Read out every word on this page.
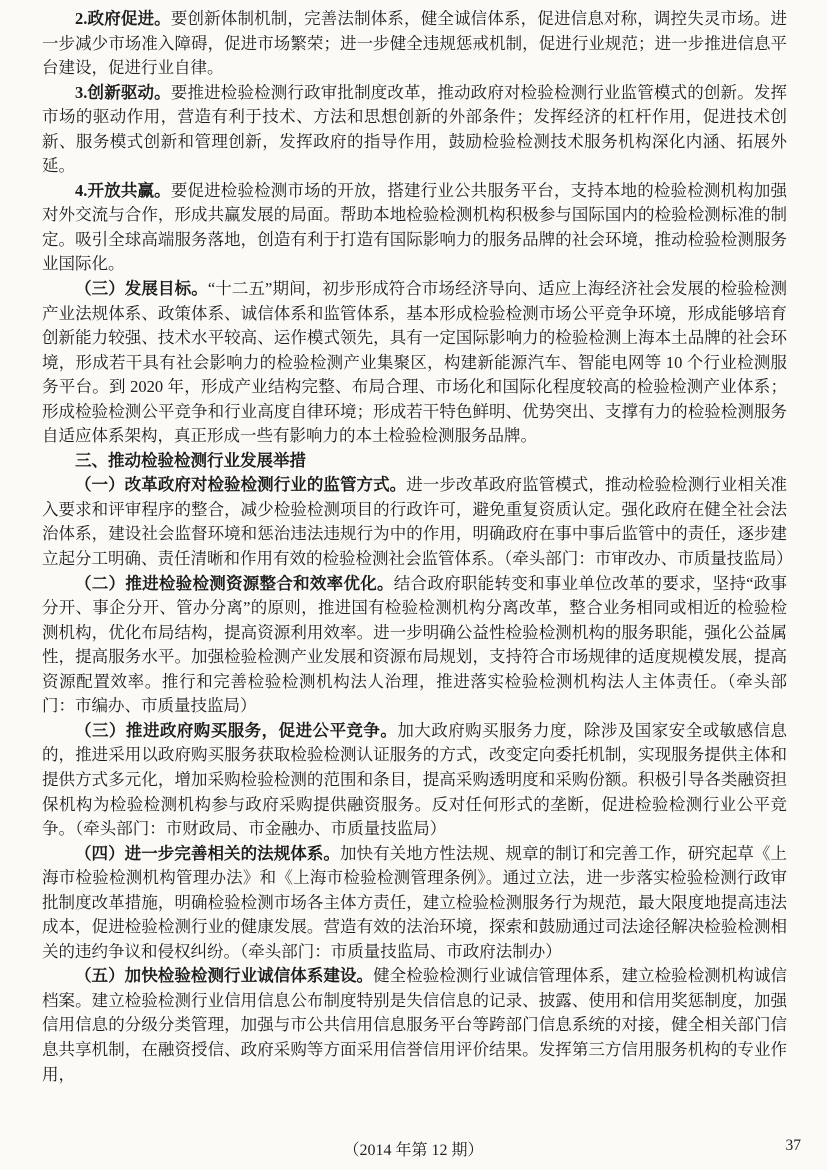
2.政府促进。要创新体制机制，完善法制体系，健全诚信体系，促进信息对称，调控失灵市场。进一步减少市场准入障碍，促进市场繁荣；进一步健全违规惩戒机制，促进行业规范；进一步推进信息平台建设，促进行业自律。

3.创新驱动。要推进检验检测行政审批制度改革，推动政府对检验检测行业监管模式的创新。发挥市场的驱动作用，营造有利于技术、方法和思想创新的外部条件；发挥经济的杠杆作用，促进技术创新、服务模式创新和管理创新，发挥政府的指导作用，鼓励检验检测技术服务机构深化内涵、拓展外延。

4.开放共赢。要促进检验检测市场的开放，搭建行业公共服务平台，支持本地的检验检测机构加强对外交流与合作，形成共赢发展的局面。帮助本地检验检测机构积极参与国际国内的检验检测标准的制定。吸引全球高端服务落地，创造有利于打造有国际影响力的服务品牌的社会环境，推动检验检测服务业国际化。

（三）发展目标。“十二五”期间，初步形成符合市场经济导向、适应上海经济社会发展的检验检测产业法规体系、政策体系、诚信体系和监管体系，基本形成检验检测市场公平竞争环境，形成能够培育创新能力较强、技术水平较高、运作模式领先，具有一定国际影响力的检验检测上海本土品牌的社会环境，形成若干具有社会影响力的检验检测产业集聚区，构建新能源汽车、智能电网等 10 个行业检测服务平台。到 2020 年，形成产业结构完整、布局合理、市场化和国际化程度较高的检验检测产业体系；形成检验检测公平竞争和行业高度自律环境；形成若干特色鲜明、优势突出、支撑有力的检验检测服务自适应体系架构，真正形成一些有影响力的本土检验检测服务品牌。

三、推动检验检测行业发展举措

（一）改革政府对检验检测行业的监管方式。进一步改革政府监管模式，推动检验检测行业相关准入要求和评审程序的整合，减少检验检测项目的行政许可，避免重复资质认定。强化政府在健全社会法治体系，建设社会监督环境和惩治违法违规行为中的作用，明确政府在事中事后监管中的责任，逐步建立起分工明确、责任清晰和作用有效的检验检测社会监管体系。（牵头部门：市审改办、市质量技监局）

（二）推进检验检测资源整合和效率优化。结合政府职能转变和事业单位改革的要求，坚持“政事分开、事企分开、管办分离”的原则，推进国有检验检测机构分离改革，整合业务相同或相近的检验检测机构，优化布局结构，提高资源利用效率。进一步明确公益性检验检测机构的服务职能，强化公益属性，提高服务水平。加强检验检测产业发展和资源布局规划，支持符合市场规律的适度规模发展，提高资源配置效率。推行和完善检验检测机构法人治理，推进落实检验检测机构法人主体责任。（牵头部门：市编办、市质量技监局）

（三）推进政府购买服务，促进公平竞争。加大政府购买服务力度，除涉及国家安全或敏感信息的，推进采用以政府购买服务获取检验检测认证服务的方式，改变定向委托机制，实现服务提供主体和提供方式多元化，增加采购检验检测的范围和条目，提高采购透明度和采购份额。积极引导各类融资担保机构为检验检测机构参与政府采购提供融资服务。反对任何形式的垄断，促进检验检测行业公平竞争。（牵头部门：市财政局、市金融办、市质量技监局）

（四）进一步完善相关的法规体系。加快有关地方性法规、规章的制订和完善工作，研究起草《上海市检验检测机构管理办法》和《上海市检验检测管理条例》。通过立法，进一步落实检验检测行政审批制度改革措施，明确检验检测市场各主体方责任，建立检验检测服务行为规范，最大限度地提高违法成本，促进检验检测行业的健康发展。营造有效的法治环境，探索和鼓励通过司法途径解决检验检测相关的违约争议和侵权纠纷。（牵头部门：市质量技监局、市政府法制办）

（五）加快检验检测行业诚信体系建设。健全检验检测行业诚信管理体系，建立检验检测机构诚信档案。建立检验检测行业信用信息公布制度特别是失信信息的记录、披露、使用和信用奖惩制度，加强信用信息的分级分类管理，加强与市公共信用信息服务平台等跨部门信息系统的对接，健全相关部门信息共享机制，在融资授信、政府采购等方面采用信誉信用评价结果。发挥第三方信用服务机构的专业作用，

（2014 年第 12 期）	37
